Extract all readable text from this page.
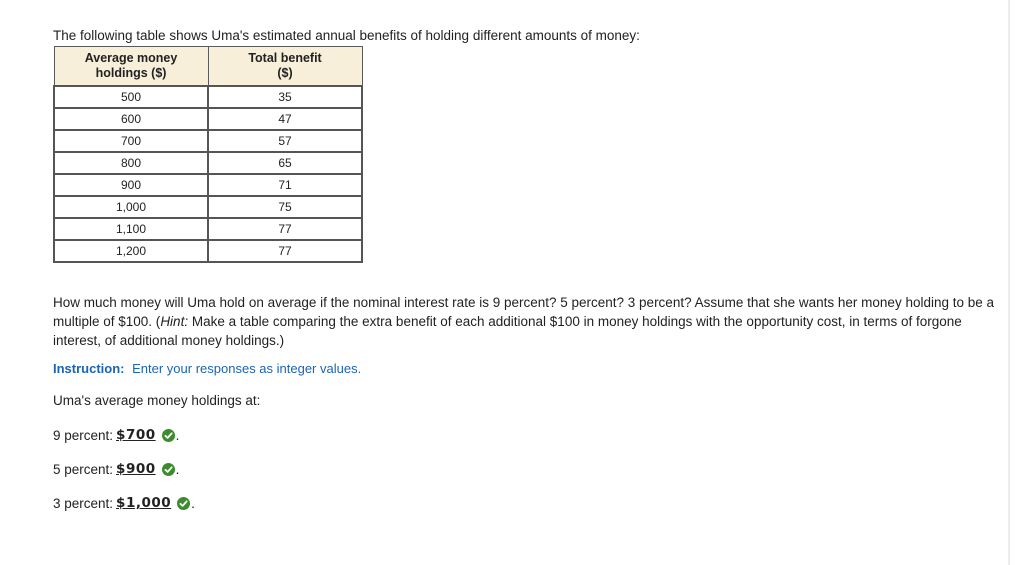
The following table shows Uma's estimated annual benefits of holding different amounts of money:
Average money
holdings ($)	Total benefit
($)
500	35
600	47
700	57
800	65
900	71
1,000	75
1,100	77
1,200	77
How much money will Uma hold on average if the nominal interest rate is 9 percent? 5 percent? 3 percent? Assume that she wants her money holding to be a multiple of $100. (Hint: Make a table comparing the extra benefit of each additional $100 in money holdings with the opportunity cost, in terms of forgone interest, of additional money holdings.)
Instruction: Enter your responses as integer values.
Uma's average money holdings at:
9 percent: $700 .
5 percent: $900 .
3 percent: $1,000 .
